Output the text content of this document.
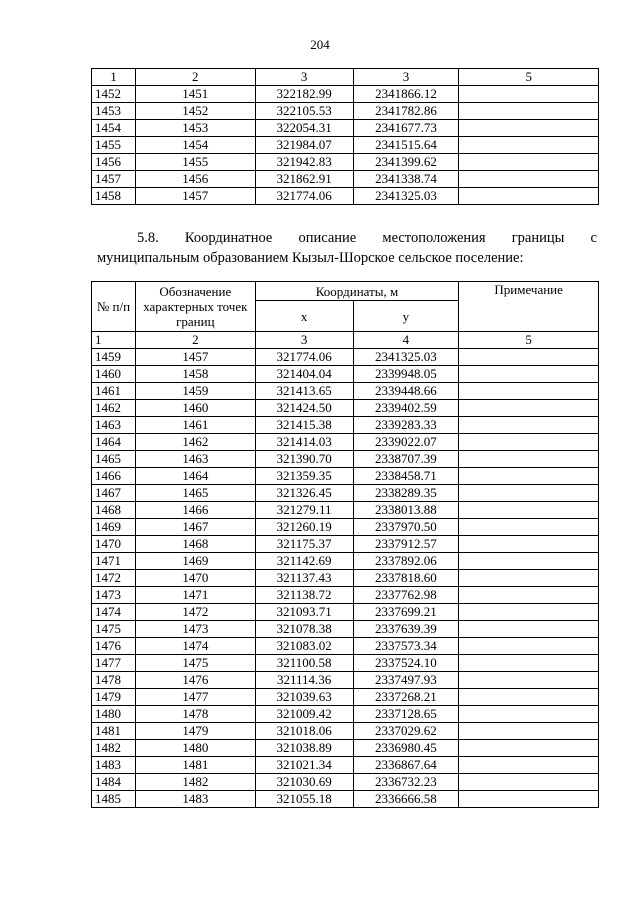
204
1	2	3	3	5
1452	1451	322182.99	2341866.12	
1453	1452	322105.53	2341782.86	
1454	1453	322054.31	2341677.73	
1455	1454	321984.07	2341515.64	
1456	1455	321942.83	2341399.62	
1457	1456	321862.91	2341338.74	
1458	1457	321774.06	2341325.03	
5.8. Координатное описание местоположения границы с
муниципальным образованием Кызыл-Шорское сельское поселение:
№ п/п	Обозначение характерных точек границ	Координаты, м		Примечание
		x	y	
1	2	3	4	5
1459	1457	321774.06	2341325.03	
1460	1458	321404.04	2339948.05	
1461	1459	321413.65	2339448.66	
1462	1460	321424.50	2339402.59	
1463	1461	321415.38	2339283.33	
1464	1462	321414.03	2339022.07	
1465	1463	321390.70	2338707.39	
1466	1464	321359.35	2338458.71	
1467	1465	321326.45	2338289.35	
1468	1466	321279.11	2338013.88	
1469	1467	321260.19	2337970.50	
1470	1468	321175.37	2337912.57	
1471	1469	321142.69	2337892.06	
1472	1470	321137.43	2337818.60	
1473	1471	321138.72	2337762.98	
1474	1472	321093.71	2337699.21	
1475	1473	321078.38	2337639.39	
1476	1474	321083.02	2337573.34	
1477	1475	321100.58	2337524.10	
1478	1476	321114.36	2337497.93	
1479	1477	321039.63	2337268.21	
1480	1478	321009.42	2337128.65	
1481	1479	321018.06	2337029.62	
1482	1480	321038.89	2336980.45	
1483	1481	321021.34	2336867.64	
1484	1482	321030.69	2336732.23	
1485	1483	321055.18	2336666.58	
